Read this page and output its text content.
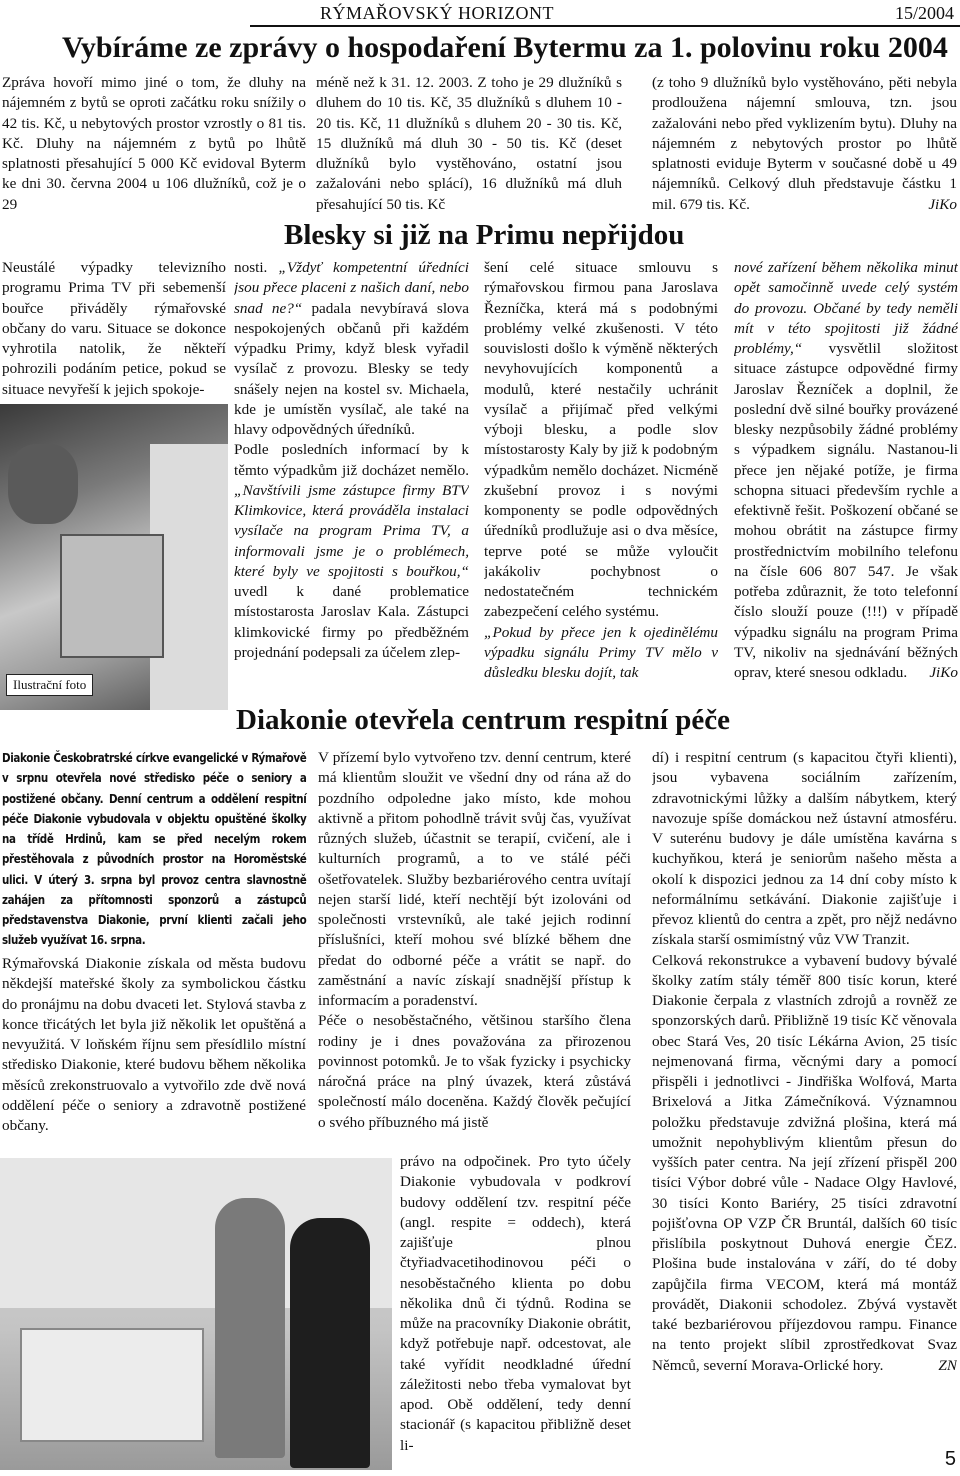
RÝMAŘOVSKÝ HORIZONT	15/2004
Vybíráme ze zprávy o hospodaření Bytermu za 1. polovinu roku 2004

Zpráva hovoří mimo jiné o tom, že dluhy na nájemném z bytů se oproti začátku roku snížily o 42 tis. Kč, u nebytových prostor vzrostly o 81 tis. Kč. Dluhy na nájemném z bytů po lhůtě splatnosti přesahující 5 000 Kč evidoval Byterm ke dni 30. června 2004 u 106 dlužníků, což je o 29

méně než k 31. 12. 2003. Z toho je 29 dlužníků s dluhem do 10 tis. Kč, 35 dlužníků s dluhem 10 - 20 tis. Kč, 11 dlužníků s dluhem 20 - 30 tis. Kč, 15 dlužníků má dluh 30 - 50 tis. Kč (deset dlužníků bylo vystěhováno, ostatní jsou zažalováni nebo splácí), 16 dlužníků má dluh přesahující 50 tis. Kč

(z toho 9 dlužníků bylo vystěhováno, pěti nebyla prodloužena nájemní smlouva, tzn. jsou zažalováni nebo před vyklizením bytu). Dluhy na nájemném z nebytových prostor po lhůtě splatnosti eviduje Byterm v současné době u 49 nájemníků. Celkový dluh představuje částku 1 mil. 679 tis. Kč.	JiKo

Blesky si již na Primu nepřijdou

Neustálé výpadky televizního programu Prima TV při sebemenší bouřce přiváděly rýmařovské občany do varu. Situace se dokonce vyhrotila natolik, že někteří pohrozili podáním petice, pokud se situace nevyřeší k jejich spokoje-

Ilustrační foto

nosti. „Vždyť kompetentní úředníci jsou přece placeni z našich daní, nebo snad ne?“ padala nevybíravá slova nespokojených občanů při každém výpadku Primy, když blesk vyřadil vysílač z provozu. Blesky se tedy snášely nejen na kostel sv. Michaela, kde je umístěn vysílač, ale také na hlavy odpovědných úředníků.

Podle posledních informací by k těmto výpadkům již docházet nemělo. „Navštívili jsme zástupce firmy BTV Klimkovice, která prováděla instalaci vysílače na program Prima TV, a informovali jsme je o problémech, které byly ve spojitosti s bouřkou,“ uvedl k dané problematice místostarosta Jaroslav Kala. Zástupci klimkovické firmy po předběžném projednání podepsali za účelem zlep-

šení celé situace smlouvu s rýmařovskou firmou pana Jaroslava Řezníčka, která má s podobnými problémy velké zkušenosti. V této souvislosti došlo k výměně některých nevyhovujících komponentů a modulů, které nestačily uchránit vysílač a přijímač před velkými výboji blesku, a podle slov místostarosty Kaly by již k podobným výpadkům nemělo docházet. Nicméně zkušební provoz i s novými komponenty se podle odpovědných úředníků prodlužuje asi o dva měsíce, teprve poté se může vyloučit jakákoliv pochybnost o nedostatečném technickém zabezpečení celého systému.

„Pokud by přece jen k ojedinělému výpadku signálu Primy TV mělo v důsledku blesku dojít, tak

nové zařízení během několika minut opět samočinně uvede celý systém do provozu. Občané by tedy neměli mít v této spojitosti již žádné problémy,“ vysvětlil složitost situace zástupce odpovědné firmy Jaroslav Řezníček a doplnil, že poslední dvě silné bouřky provázené blesky nezpůsobily žádné problémy s výpadkem signálu. Nastanou-li přece jen nějaké potíže, je firma schopna situaci především rychle a efektivně řešit. Poškození občané se mohou obrátit na zástupce firmy prostřednictvím mobilního telefonu na čísle 606 807 547. Je však potřeba zdůraznit, že toto telefonní číslo slouží pouze (!!!) v případě výpadku signálu na program Prima TV, nikoliv na sjednávání běžných oprav, které snesou odkladu. JiKo

Diakonie otevřela centrum respitní péče
Diakonie Českobratrské církve evangelické v Rýmařově v srpnu otevřela nové středisko péče o seniory a postižené občany. Denní centrum a oddělení respitní péče Diakonie vybudovala v objektu opuštěné školky na třídě Hrdinů, kam se před necelým rokem přestěhovala z původních prostor na Horoměstské ulici. V úterý 3. srpna byl provoz centra slavnostně zahájen za přítomnosti sponzorů a zástupců představenstva Diakonie, první klienti začali jeho služeb využívat 16. srpna.

Rýmařovská Diakonie získala od města budovu někdejší mateřské školy za symbolickou částku do pronájmu na dobu dvaceti let. Stylová stavba z konce třicátých let byla již několik let opuštěná a nevyužitá. V loňském říjnu sem přesídlilo místní středisko Diakonie, které budovu během několika měsíců zrekonstruovalo a vytvořilo zde dvě nová oddělení péče o seniory a zdravotně postižené občany.

V přízemí bylo vytvořeno tzv. denní centrum, které má klientům sloužit ve všední dny od rána až do pozdního odpoledne jako místo, kde mohou aktivně a přitom pohodlně trávit svůj čas, využívat různých služeb, účastnit se terapií, cvičení, ale i kulturních programů, a to ve stálé péči ošetřovatelek. Služby bezbariérového centra uvítají nejen starší lidé, kteří nechtějí být izolováni od společnosti vrstevníků, ale také jejich rodinní příslušníci, kteří mohou své blízké během dne předat do odborné péče a vrátit se např. do zaměstnání a navíc získají snadnější přístup k informacím a poradenství.

Péče o nesoběstačného, většinou staršího člena rodiny je i dnes považována za přirozenou povinnost potomků. Je to však fyzicky i psychicky náročná práce na plný úvazek, která zůstává společností málo doceněna. Každý člověk pečující o svého příbuzného má jistě

právo na odpočinek. Pro tyto účely Diakonie vybudovala v podkroví budovy oddělení tzv. respitní péče (angl. respite = oddech), která zajišťuje plnou čtyřiadvacetihodinovou péči o nesoběstačného klienta po dobu několika dnů či týdnů. Rodina se může na pracovníky Diakonie obrátit, když potřebuje např. odcestovat, ale také vyřídit neodkladné úřední záležitosti nebo třeba vymalovat byt apod. Obě oddělení, tedy denní stacionář (s kapacitou přibližně deset li-

dí) i respitní centrum (s kapacitou čtyři klienti), jsou vybavena sociálním zařízením, zdravotnickými lůžky a dalším nábytkem, který navozuje spíše domáckou než ústavní atmosféru. V suterénu budovy je dále umístěna kavárna s kuchyňkou, která je seniorům našeho města a okolí k dispozici jednou za 14 dní coby místo k neformálnímu setkávání. Diakonie zajišťuje i převoz klientů do centra a zpět, pro nějž nedávno získala starší osmimístný vůz VW Tranzit.

Celková rekonstrukce a vybavení budovy bývalé školky zatím stály téměř 800 tisíc korun, které Diakonie čerpala z vlastních zdrojů a rovněž ze sponzorských darů. Přibližně 19 tisíc Kč věnovala obec Stará Ves, 20 tisíc Lékárna Avion, 25 tisíc nejmenovaná firma, věcnými dary a pomocí přispěli i jednotlivci - Jindřiška Wolfová, Marta Brixelová a Jitka Zámečníková. Významnou položku představuje zdvižná plošina, která má umožnit nepohyblivým klientům přesun do vyšších pater centra. Na její zřízení přispěl 200 tisíci Výbor dobré vůle - Nadace Olgy Havlové, 30 tisíci Konto Bariéry, 25 tisíci zdravotní pojišťovna OP VZP ČR Bruntál, dalších 60 tisíc přislíbila poskytnout Duhová energie ČEZ. Plošina bude instalována v září, do té doby zapůjčila firma VECOM, která má montáž provádět, Diakonii schodolez. Zbývá vystavět také bezbariérovou příjezdovou rampu. Finance na tento projekt slíbil zprostředkovat Svaz Němců, severní Morava-Orlické hory.	ZN

5
